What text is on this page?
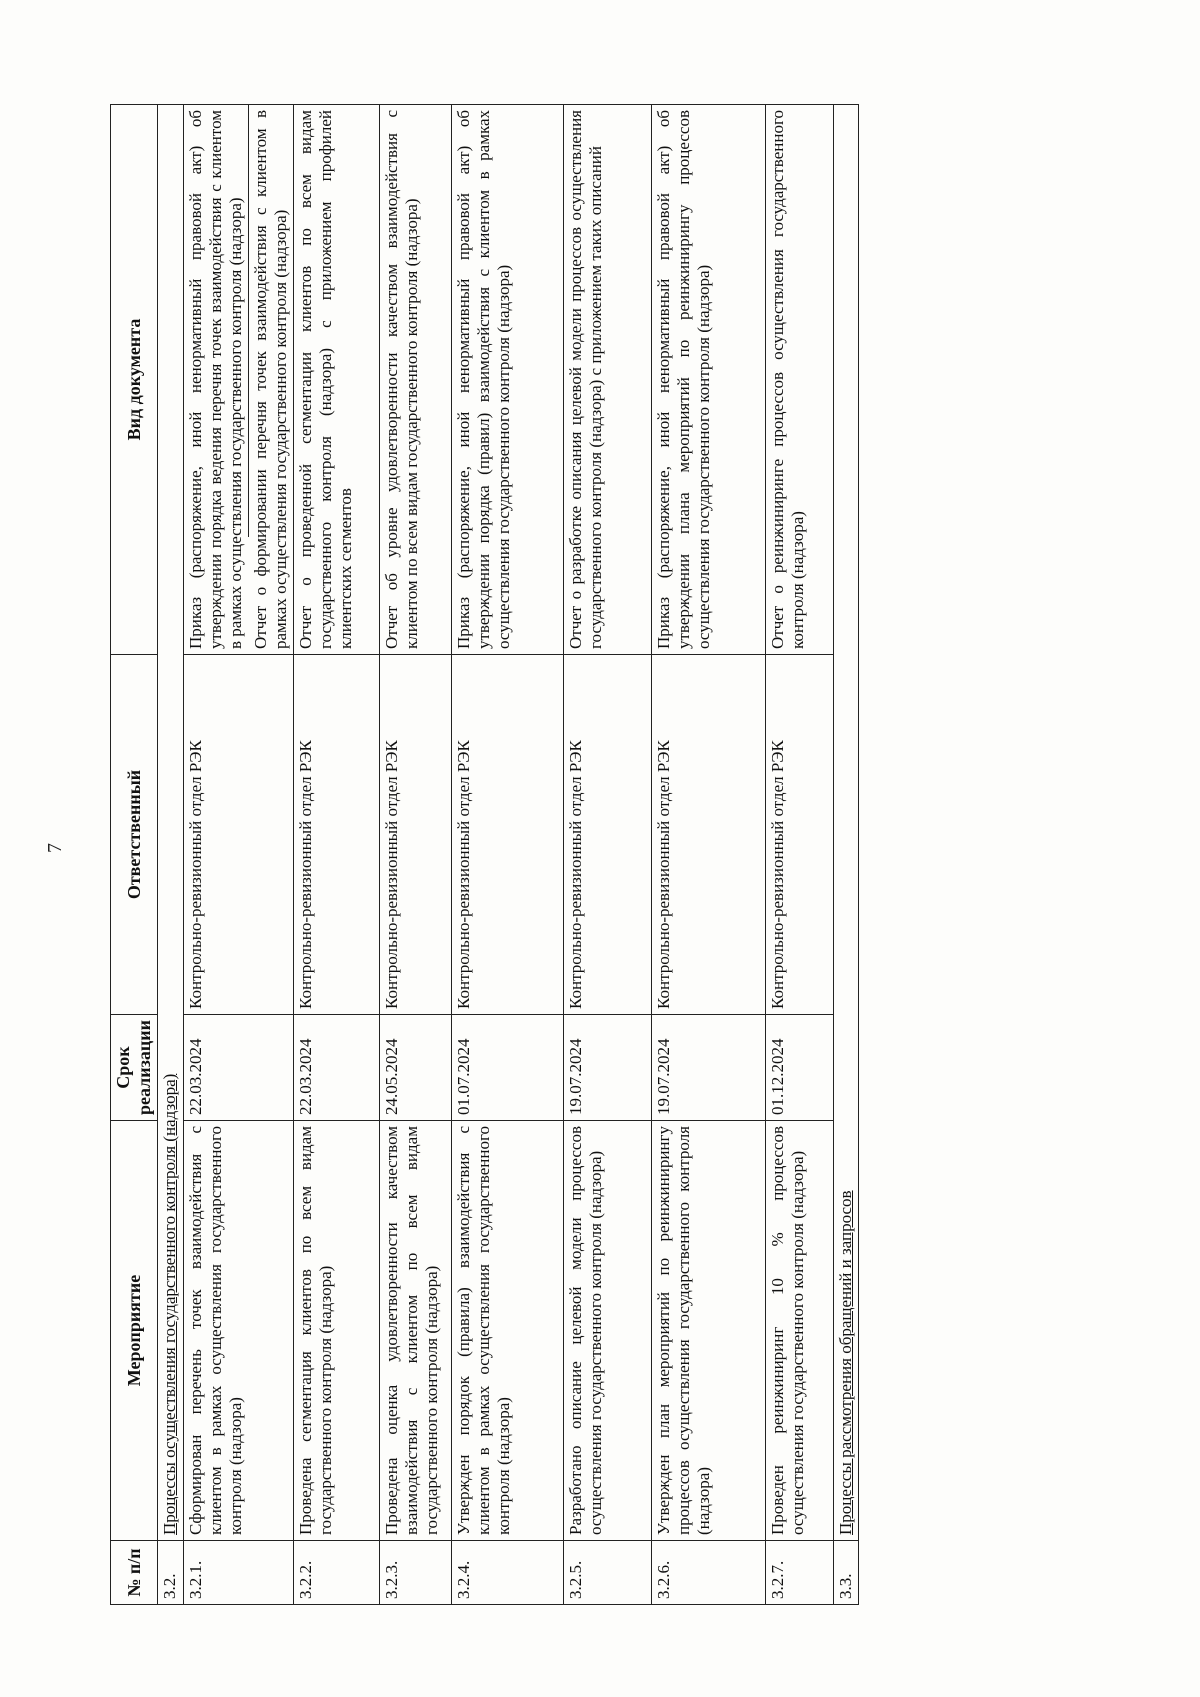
7
№ п/п	Мероприятие	Срок реализации	Ответственный	Вид документа
3.2.	Процессы осуществления государственного контроля (надзора)			
3.2.1.	Сформирован перечень точек взаимодействия с клиентом в рамках осуществления государственного контроля (надзора)	22.03.2024	Контрольно-ревизионный отдел РЭК	Приказ (распоряжение, иной ненормативный правовой акт) об утверждении порядка ведения перечня точек взаимодействия с клиентом в рамках осуществления государственного контроля (надзора) Отчет о формировании перечня точек взаимодействия с клиентом в рамках осуществления государственного контроля (надзора)

3.2.2.	Проведена сегментация клиентов по всем видам государственного контроля (надзора)	22.03.2024	Контрольно-ревизионный отдел РЭК	Отчет о проведенной сегментации клиентов по всем видам государственного контроля (надзора) с приложением профилей клиентских сегментов
3.2.3.	Проведена оценка удовлетворенности качеством взаимодействия с клиентом по всем видам государственного контроля (надзора)	24.05.2024	Контрольно-ревизионный отдел РЭК	Отчет об уровне удовлетворенности качеством взаимодействия с клиентом по всем видам государственного контроля (надзора)
3.2.4.	Утвержден порядок (правила) взаимодействия с клиентом в рамках осуществления государственного контроля (надзора)	01.07.2024	Контрольно-ревизионный отдел РЭК	Приказ (распоряжение, иной ненормативный правовой акт) об утверждении порядка (правил) взаимодействия с клиентом в рамках осуществления государственного контроля (надзора)
3.2.5.	Разработано описание целевой модели процессов осуществления государственного контроля (надзора)	19.07.2024	Контрольно-ревизионный отдел РЭК	Отчет о разработке описания целевой модели процессов осуществления государственного контроля (надзора) с приложением таких описаний
3.2.6.	Утвержден план мероприятий по реинжинирингу процессов осуществления государственного контроля (надзора)	19.07.2024	Контрольно-ревизионный отдел РЭК	Приказ (распоряжение, иной ненормативный правовой акт) об утверждении плана мероприятий по реинжинирингу процессов осуществления государственного контроля (надзора)
3.2.7.	Проведен реинжиниринг 10 % процессов осуществления государственного контроля (надзора)	01.12.2024	Контрольно-ревизионный отдел РЭК	Отчет о реинжиниринге процессов осуществления государственного контроля (надзора)
3.3.	Процессы рассмотрения обращений и запросов			
